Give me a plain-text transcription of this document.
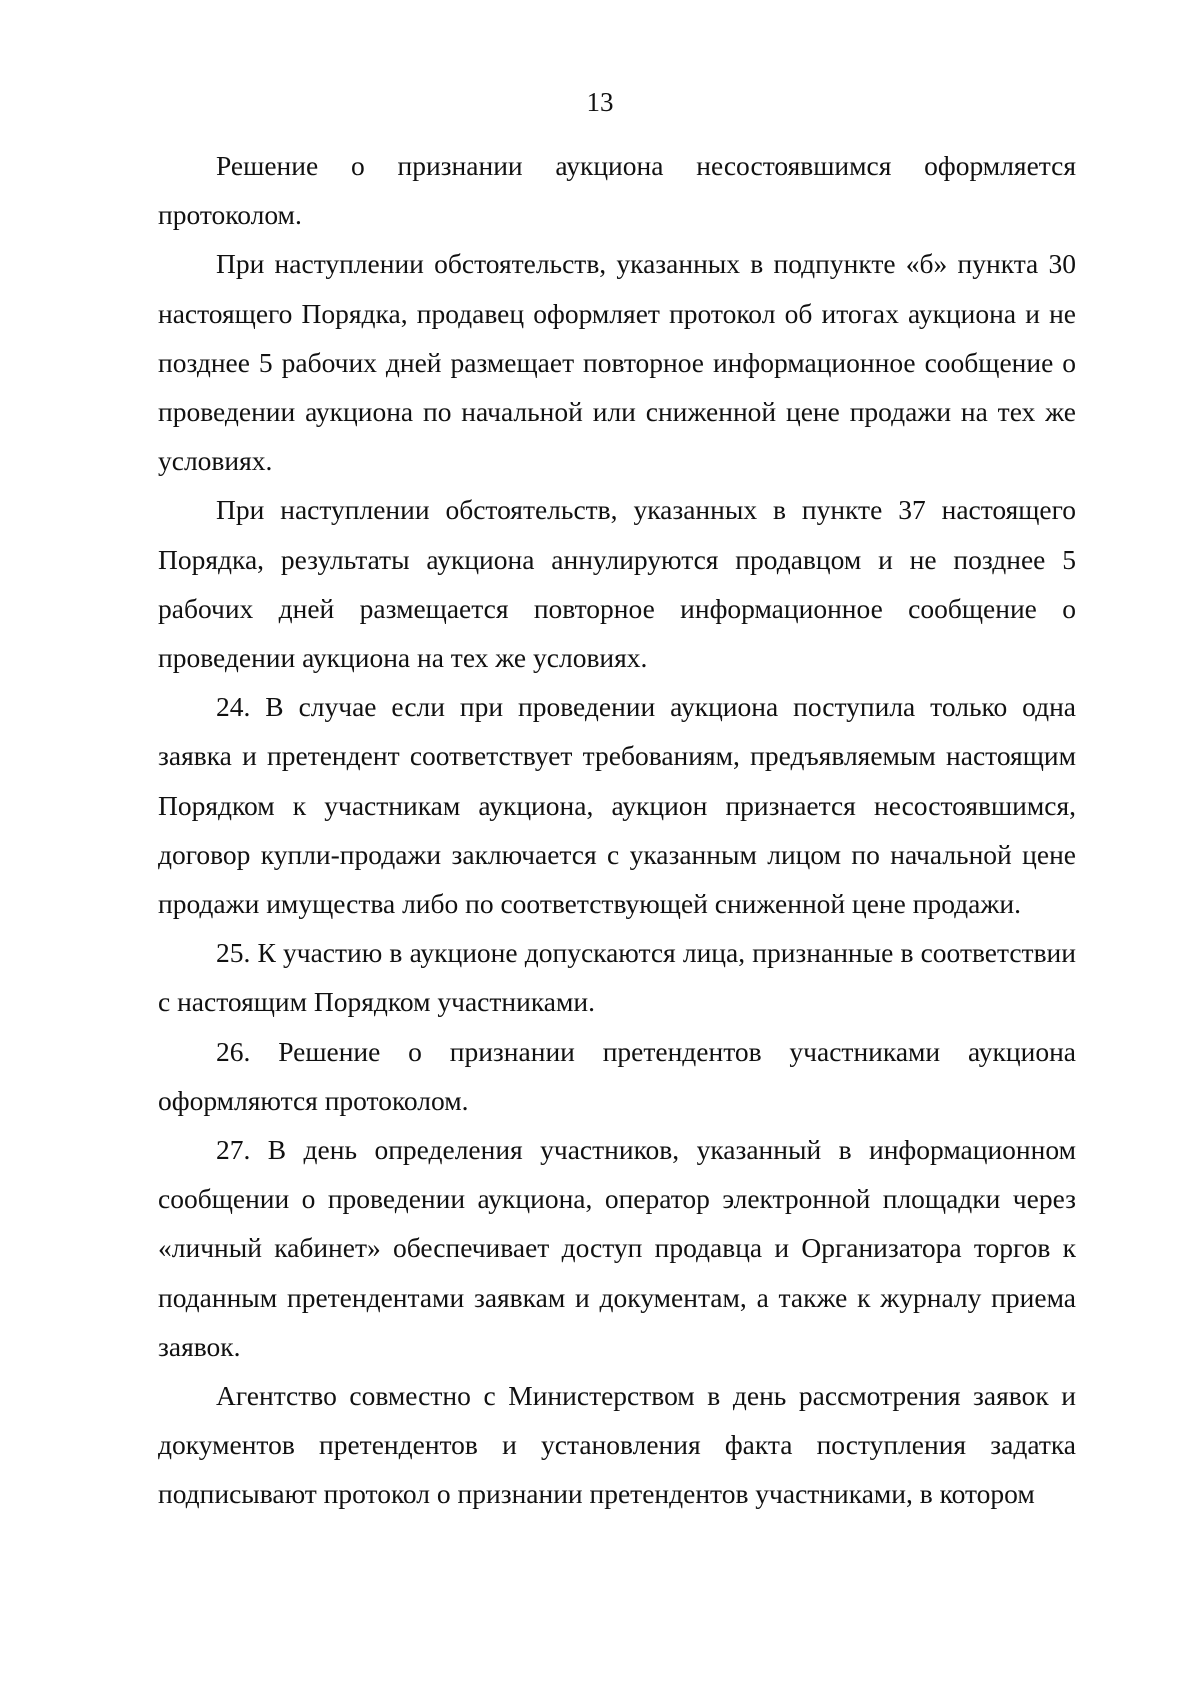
13

Решение о признании аукциона несостоявшимся оформляется протоколом.

При наступлении обстоятельств, указанных в подпункте «б» пункта 30 настоящего Порядка, продавец оформляет протокол об итогах аукциона и не позднее 5 рабочих дней размещает повторное информационное сообщение о проведении аукциона по начальной или сниженной цене продажи на тех же условиях.

При наступлении обстоятельств, указанных в пункте 37 настоящего Порядка, результаты аукциона аннулируются продавцом и не позднее 5 рабочих дней размещается повторное информационное сообщение о проведении аукциона на тех же условиях.

24. В случае если при проведении аукциона поступила только одна заявка и претендент соответствует требованиям, предъявляемым настоящим Порядком к участникам аукциона, аукцион признается несостоявшимся, договор купли-продажи заключается с указанным лицом по начальной цене продажи имущества либо по соответствующей сниженной цене продажи.

25. К участию в аукционе допускаются лица, признанные в соответствии с настоящим Порядком участниками.

26. Решение о признании претендентов участниками аукциона оформляются протоколом.

27. В день определения участников, указанный в информационном сообщении о проведении аукциона, оператор электронной площадки через «личный кабинет» обеспечивает доступ продавца и Организатора торгов к поданным претендентами заявкам и документам, а также к журналу приема заявок.

Агентство совместно с Министерством в день рассмотрения заявок и документов претендентов и установления факта поступления задатка подписывают протокол о признании претендентов участниками, в котором
